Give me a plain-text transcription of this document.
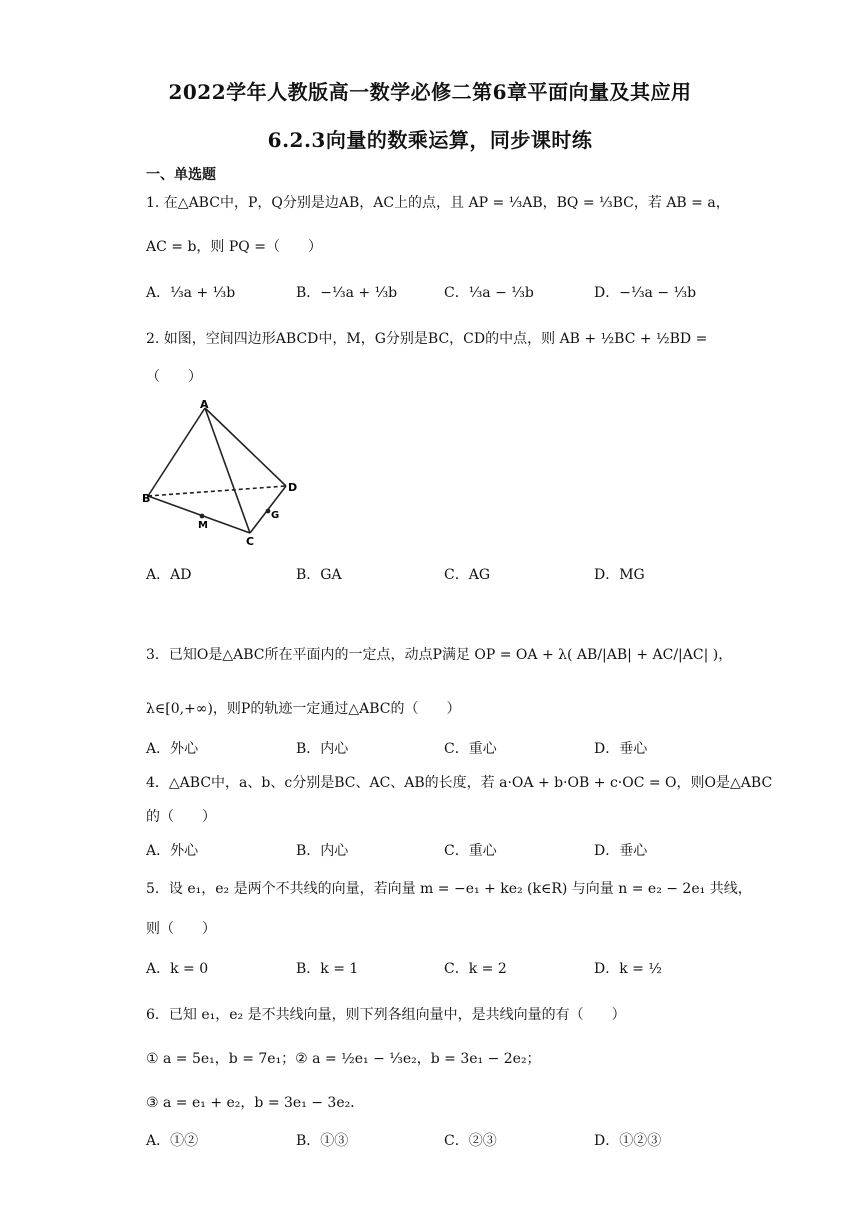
2022学年人教版高一数学必修二第6章平面向量及其应用
6.2.3向量的数乘运算，同步课时练
一、单选题
1. 在△ABC中，P，Q分别是边AB，AC上的点，且 AP = ⅓AB，BQ = ⅓BC，若 AB = a，
AC = b，则 PQ =（　　）
A．⅓a + ⅓b	B．−⅓a + ⅓b	C．⅓a − ⅓b	D．−⅓a − ⅓b
2. 如图，空间四边形ABCD中，M，G分别是BC，CD的中点，则 AB + ½BC + ½BD =
（　　）
A
B
C
D
M
G
A．AD	B．GA	C．AG	D．MG
3．已知O是△ABC所在平面内的一定点，动点P满足 OP = OA + λ( AB/|AB| + AC/|AC| )，
λ∈[0,+∞)，则P的轨迹一定通过△ABC的（　　）
A．外心	B．内心	C．重心	D．垂心
4．△ABC中，a、b、c分别是BC、AC、AB的长度，若 a·OA + b·OB + c·OC = O，则O是△ABC
的（　　）
A．外心	B．内心	C．重心	D．垂心
5．设 e₁，e₂ 是两个不共线的向量，若向量 m = −e₁ + ke₂ (k∈R) 与向量 n = e₂ − 2e₁ 共线，
则（　　）
A．k = 0	B．k = 1	C．k = 2	D．k = ½
6．已知 e₁，e₂ 是不共线向量，则下列各组向量中，是共线向量的有（　　）
① a = 5e₁，b = 7e₁；② a = ½e₁ − ⅓e₂，b = 3e₁ − 2e₂；
③ a = e₁ + e₂，b = 3e₁ − 3e₂．
A．①②	B．①③	C．②③	D．①②③
